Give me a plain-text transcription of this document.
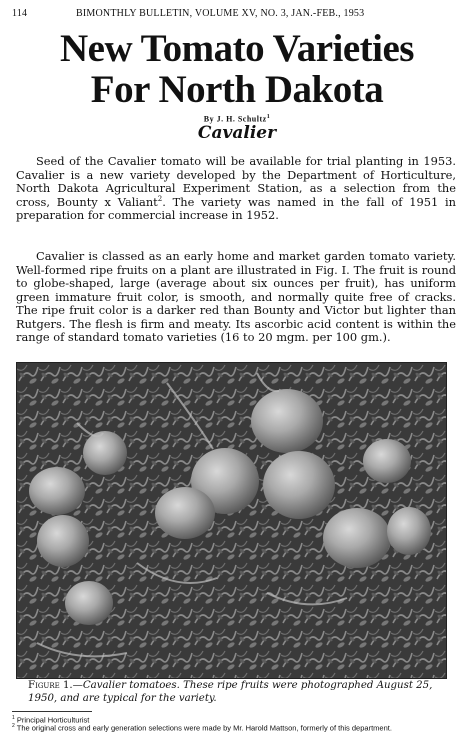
114	BIMONTHLY BULLETIN, VOLUME XV, NO. 3, JAN.-FEB., 1953
New Tomato Varieties
For North Dakota
By J. H. Schultz$^1$
Cavalier

Seed of the Cavalier tomato will be available for trial planting in 1953. Cavalier is a new variety developed by the Department of Horticulture, North Dakota Agricultural Experiment Station, as a selection from the cross, Bounty x Valiant$^2$. The variety was named in the fall of 1951 in preparation for commercial increase in 1952.

Cavalier is classed as an early home and market garden tomato variety. Well-formed ripe fruits on a plant are illustrated in Fig. I. The fruit is round to globe-shaped, large (average about six ounces per fruit), has uniform green immature fruit color, is smooth, and normally quite free of cracks. The ripe fruit color is a darker red than Bounty and Victor but lighter than Rutgers. The flesh is firm and meaty. Its ascorbic acid content is within the range of standard tomato varieties (16 to 20 mgm. per 100 gm.).

Figure 1.—Cavalier tomatoes. These ripe fruits were photographed August 25, 1950, and are typical for the variety.

$^1$ Principal Horticulturist

$^2$ The original cross and early generation selections were made by Mr. Harold Mattson, formerly of this department.
